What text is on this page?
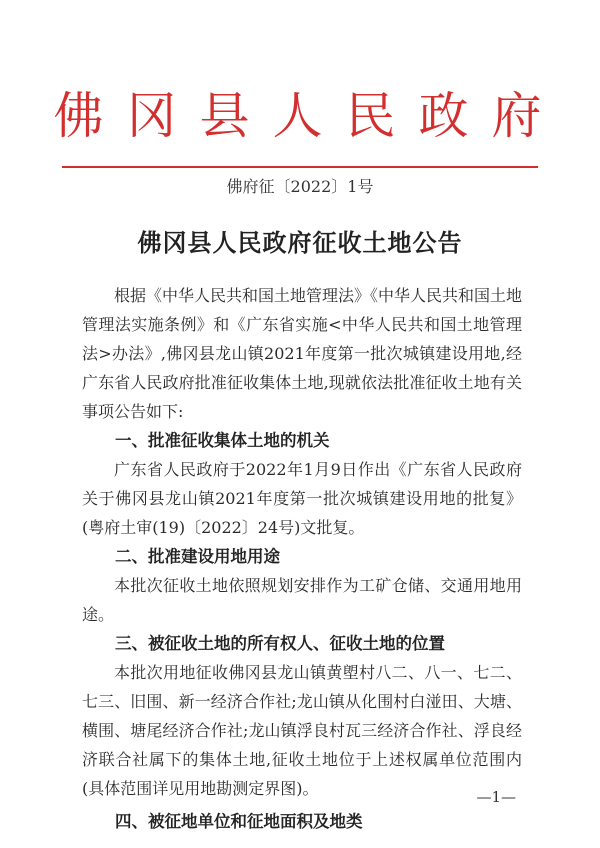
佛冈县人民政府
佛府征〔2022〕1号
佛冈县人民政府征收土地公告

根据《中华人民共和国土地管理法》《中华人民共和国土地管理法实施条例》和《广东省实施<中华人民共和国土地管理法>办法》,佛冈县龙山镇2021年度第一批次城镇建设用地,经广东省人民政府批准征收集体土地,现就依法批准征收土地有关事项公告如下:

一、批准征收集体土地的机关

广东省人民政府于2022年1月9日作出《广东省人民政府关于佛冈县龙山镇2021年度第一批次城镇建设用地的批复》(粤府土审(19)〔2022〕24号)文批复。

二、批准建设用地用途

本批次征收土地依照规划安排作为工矿仓储、交通用地用途。

三、被征收土地的所有权人、征收土地的位置

本批次用地征收佛冈县龙山镇黄塱村八二、八一、七二、七三、旧围、新一经济合作社;龙山镇从化围村白湴田、大塘、横围、塘尾经济合作社;龙山镇浮良村瓦三经济合作社、浮良经济联合社属下的集体土地,征收土地位于上述权属单位范围内(具体范围详见用地勘测定界图)。

四、被征地单位和征地面积及地类
—1—
